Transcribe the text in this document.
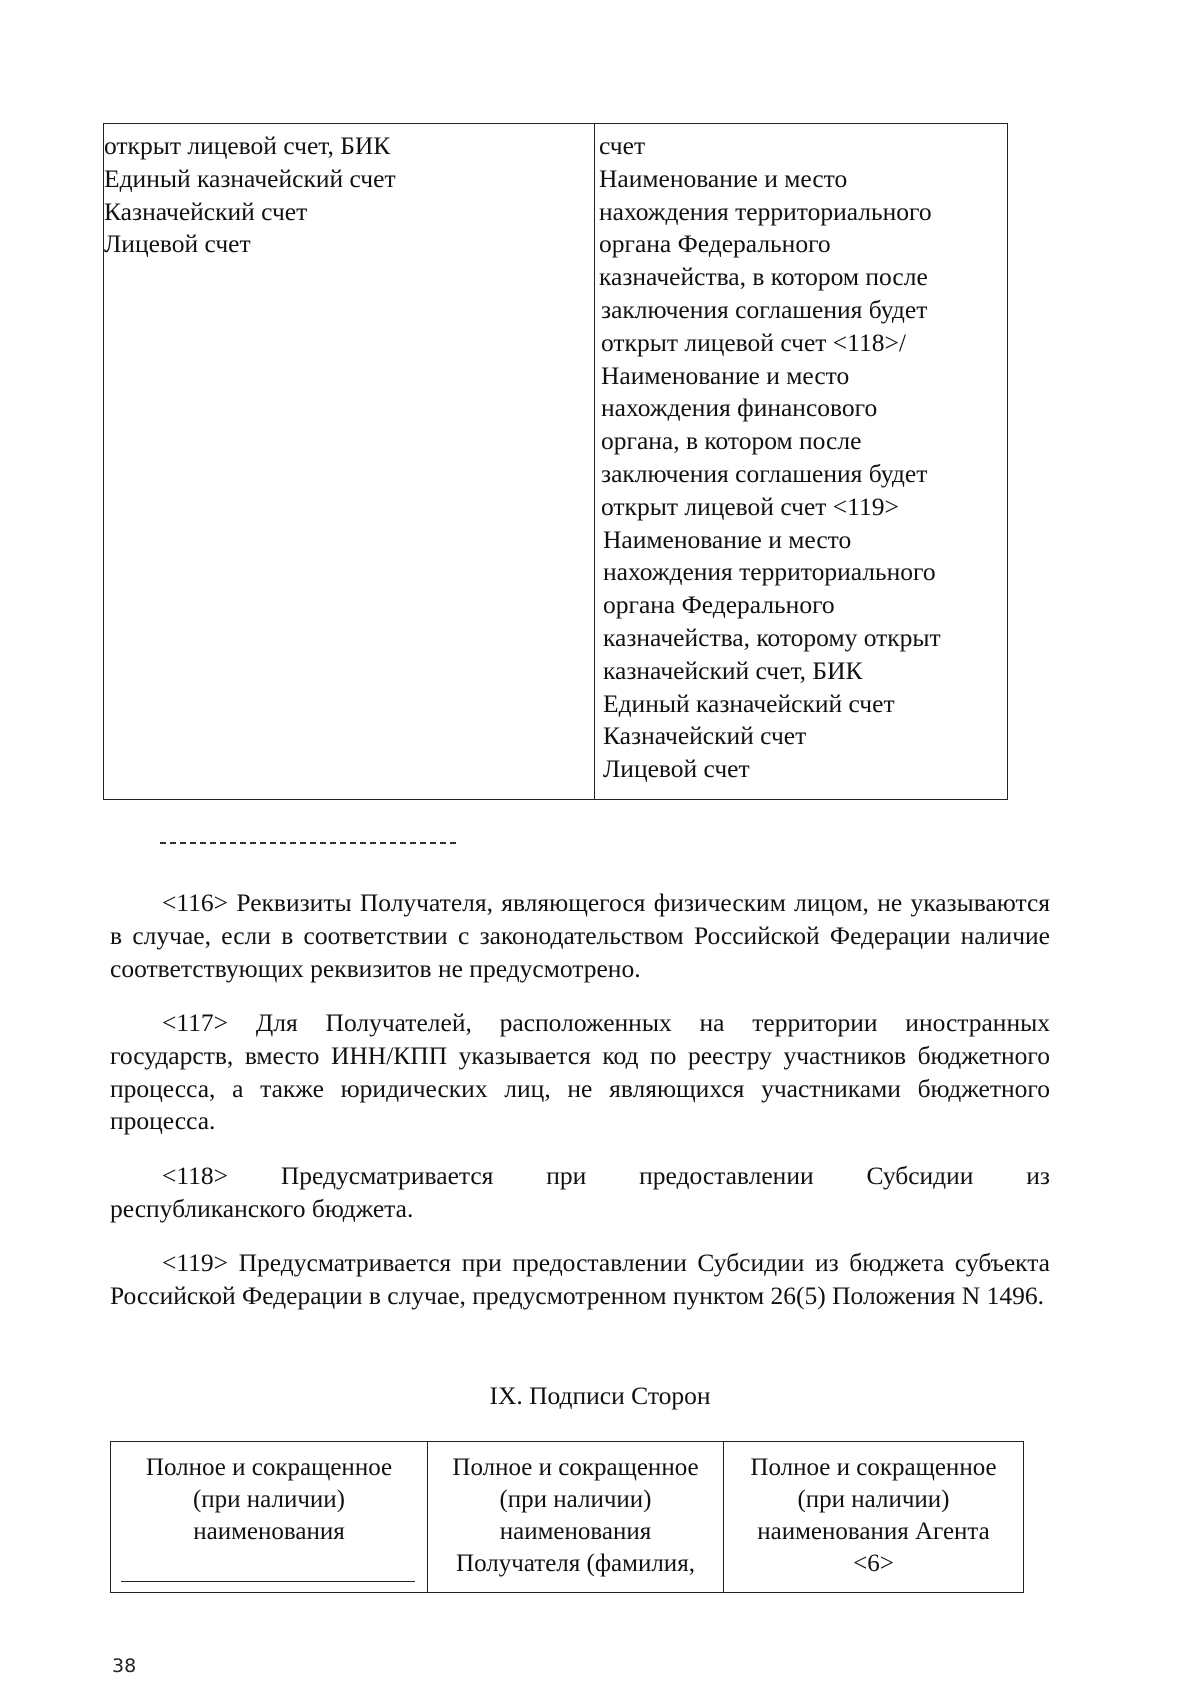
открыт лицевой счет, БИК
Единый казначейский счет
Казначейский счет
Лицевой счет
счет
Наименование и место
нахождения территориального
органа Федерального
казначейства, в котором после
заключения соглашения будет
открыт лицевой счет <118>/
Наименование и место
нахождения финансового
органа, в котором после
заключения соглашения будет
открыт лицевой счет <119>
Наименование и место
нахождения территориального
органа Федерального
казначейства, которому открыт
казначейский счет, БИК
Единый казначейский счет
Казначейский счет
Лицевой счет
<116> Реквизиты Получателя, являющегося физическим лицом, не указываются в случае, если в соответствии с законодательством Российской Федерации наличие соответствующих реквизитов не предусмотрено.
<117> Для Получателей, расположенных на территории иностранных государств, вместо ИНН/КПП указывается код по реестру участников бюджетного процесса, а также юридических лиц, не являющихся участниками бюджетного процесса.
<118> Предусматривается при предоставлении Субсидии из
республиканского бюджета.
<119> Предусматривается при предоставлении Субсидии из бюджета субъекта Российской Федерации в случае, предусмотренном пунктом 26(5) Положения N 1496.
IX. Подписи Сторон
Полное и сокращенное
(при наличии)
наименования
Полное и сокращенное
(при наличии)
наименования
Получателя (фамилия,
Полное и сокращенное
(при наличии)
наименования Агента
<6>
38
